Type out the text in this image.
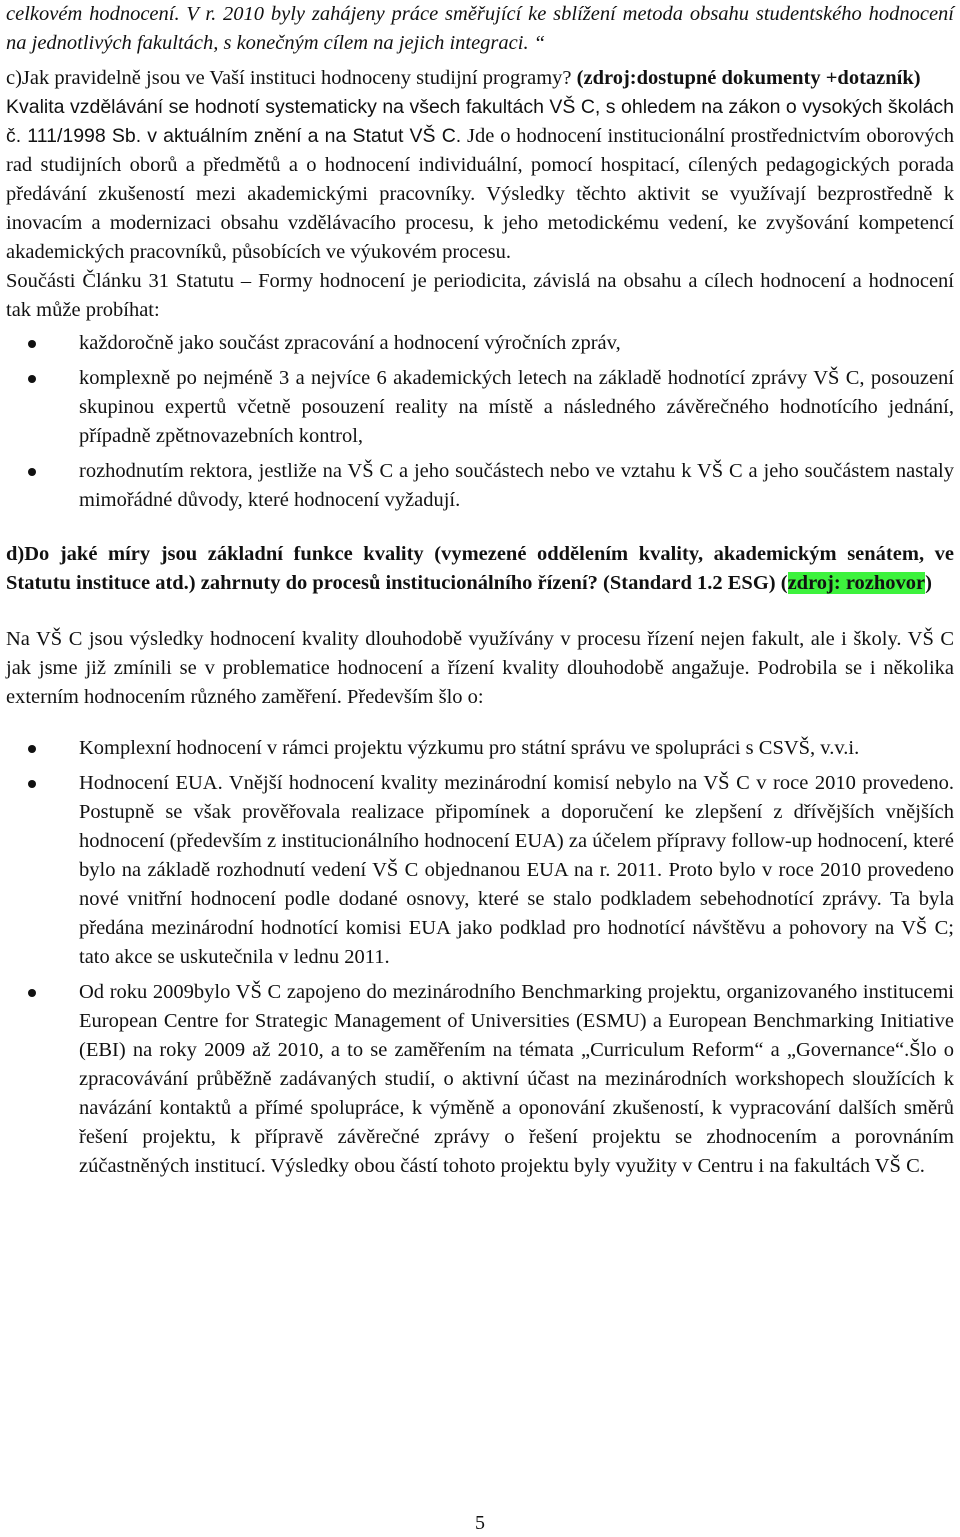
celkovém hodnocení. V r. 2010 byly zahájeny práce směřující ke sblížení metoda obsahu studentského hodnocení na jednotlivých fakultách, s konečným cílem na jejich integraci. “

c)Jak pravidelně jsou ve Vaší instituci hodnoceny studijní programy? (zdroj:dostupné dokumenty +dotazník)

Kvalita vzdělávání se hodnotí systematicky na všech fakultách VŠ C, s ohledem na zákon o vysokých školách č. 111/1998 Sb. v aktuálním znění a na Statut VŠ C. Jde o hodnocení institucionální prostřednictvím oborových rad studijních oborů a předmětů a o hodnocení individuální, pomocí hospitací, cílených pedagogických porada předávání zkušeností mezi akademickými pracovníky. Výsledky těchto aktivit se využívají bezprostředně k inovacím a modernizaci obsahu vzdělávacího procesu, k jeho metodickému vedení, ke zvyšování kompetencí akademických pracovníků, působících ve výukovém procesu.

Součásti Článku 31 Statutu – Formy hodnocení je periodicita, závislá na obsahu a cílech hodnocení a hodnocení tak může probíhat:

každoročně jako součást zpracování a hodnocení výročních zpráv,
komplexně po nejméně 3 a nejvíce 6 akademických letech na základě hodnotící zprávy VŠ C, posouzení skupinou expertů včetně posouzení reality na místě a následného závěrečného hodnotícího jednání, případně zpětnovazebních kontrol,
rozhodnutím rektora, jestliže na VŠ C a jeho součástech nebo ve vztahu k VŠ C a jeho součástem nastaly mimořádné důvody, které hodnocení vyžadují.

d)Do jaké míry jsou základní funkce kvality (vymezené oddělením kvality, akademickým senátem, ve Statutu instituce atd.) zahrnuty do procesů institucionálního řízení? (Standard 1.2 ESG) (zdroj: rozhovor)

Na VŠ C jsou výsledky hodnocení kvality dlouhodobě využívány v procesu řízení nejen fakult, ale i školy. VŠ C jak jsme již zmínili se v problematice hodnocení a řízení kvality dlouhodobě angažuje. Podrobila se i několika externím hodnocením různého zaměření. Především šlo o:

Komplexní hodnocení v rámci projektu výzkumu pro státní správu ve spolupráci s CSVŠ, v.v.i.
Hodnocení EUA. Vnější hodnocení kvality mezinárodní komisí nebylo na VŠ C v roce 2010 provedeno. Postupně se však prověřovala realizace připomínek a doporučení ke zlepšení z dřívějších vnějších hodnocení (především z institucionálního hodnocení EUA) za účelem přípravy follow-up hodnocení, které bylo na základě rozhodnutí vedení VŠ C objednanou EUA na r. 2011. Proto bylo v roce 2010 provedeno nové vnitřní hodnocení podle dodané osnovy, které se stalo podkladem sebehodnotící zprávy. Ta byla předána mezinárodní hodnotící komisi EUA jako podklad pro hodnotící návštěvu a pohovory na VŠ C; tato akce se uskutečnila v lednu 2011.
Od roku 2009bylo VŠ C zapojeno do mezinárodního Benchmarking projektu, organizovaného institucemi European Centre for Strategic Management of Universities (ESMU) a European Benchmarking Initiative (EBI) na roky 2009 až 2010, a to se zaměřením na témata „Curriculum Reform“ a „Governance“.Šlo o zpracovávání průběžně zadávaných studií, o aktivní účast na mezinárodních workshopech sloužících k navázání kontaktů a přímé spolupráce, k výměně a oponování zkušeností, k vypracování dalších směrů řešení projektu, k přípravě závěrečné zprávy o řešení projektu se zhodnocením a porovnáním zúčastněných institucí. Výsledky obou částí tohoto projektu byly využity v Centru i na fakultách VŠ C.
5
